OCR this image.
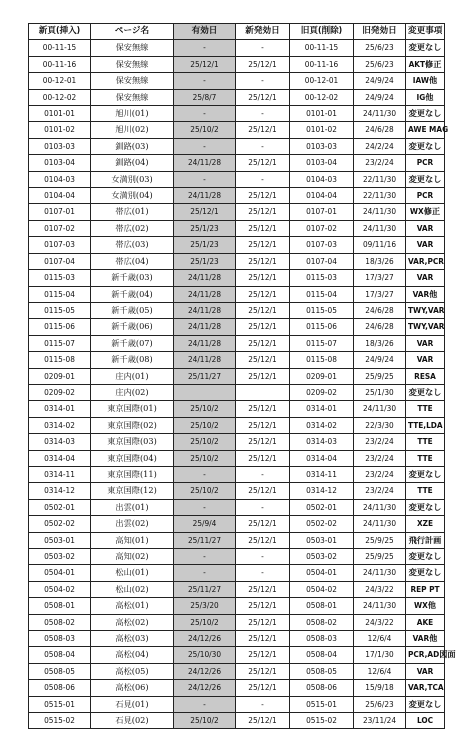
新頁(挿入)	ページ名	有効日	新発効日	旧頁(削除)	旧発効日	変更事項
00-11-15	保安無線	-	-	00-11-15	25/6/23	変更なし
00-11-16	保安無線	25/12/1	25/12/1	00-11-16	25/6/23	AKT修正
00-12-01	保安無線	-	-	00-12-01	24/9/24	IAW他
00-12-02	保安無線	25/8/7	25/12/1	00-12-02	24/9/24	IG他
0101-01	旭川(01)	-	-	0101-01	24/11/30	変更なし
0101-02	旭川(02)	25/10/2	25/12/1	0101-02	24/6/28	AWE MAG
0103-03	釧路(03)	-	-	0103-03	24/2/24	変更なし
0103-04	釧路(04)	24/11/28	25/12/1	0103-04	23/2/24	PCR
0104-03	女満別(03)	-	-	0104-03	22/11/30	変更なし
0104-04	女満別(04)	24/11/28	25/12/1	0104-04	22/11/30	PCR
0107-01	帯広(01)	25/12/1	25/12/1	0107-01	24/11/30	WX修正
0107-02	帯広(02)	25/1/23	25/12/1	0107-02	24/11/30	VAR
0107-03	帯広(03)	25/1/23	25/12/1	0107-03	09/11/16	VAR
0107-04	帯広(04)	25/1/23	25/12/1	0107-04	18/3/26	VAR,PCR
0115-03	新千歳(03)	24/11/28	25/12/1	0115-03	17/3/27	VAR
0115-04	新千歳(04)	24/11/28	25/12/1	0115-04	17/3/27	VAR他
0115-05	新千歳(05)	24/11/28	25/12/1	0115-05	24/6/28	TWY,VAR
0115-06	新千歳(06)	24/11/28	25/12/1	0115-06	24/6/28	TWY,VAR
0115-07	新千歳(07)	24/11/28	25/12/1	0115-07	18/3/26	VAR
0115-08	新千歳(08)	24/11/28	25/12/1	0115-08	24/9/24	VAR
0209-01	庄内(01)	25/11/27	25/12/1	0209-01	25/9/25	RESA
0209-02	庄内(02)			0209-02	25/1/30	変更なし
0314-01	東京国際(01)	25/10/2	25/12/1	0314-01	24/11/30	TTE
0314-02	東京国際(02)	25/10/2	25/12/1	0314-02	22/3/30	TTE,LDA
0314-03	東京国際(03)	25/10/2	25/12/1	0314-03	23/2/24	TTE
0314-04	東京国際(04)	25/10/2	25/12/1	0314-04	23/2/24	TTE
0314-11	東京国際(11)	-	-	0314-11	23/2/24	変更なし
0314-12	東京国際(12)	25/10/2	25/12/1	0314-12	23/2/24	TTE
0502-01	出雲(01)	-	-	0502-01	24/11/30	変更なし
0502-02	出雲(02)	25/9/4	25/12/1	0502-02	24/11/30	XZE
0503-01	高知(01)	25/11/27	25/12/1	0503-01	25/9/25	飛行計画
0503-02	高知(02)	-	-	0503-02	25/9/25	変更なし
0504-01	松山(01)	-	-	0504-01	24/11/30	変更なし
0504-02	松山(02)	25/11/27	25/12/1	0504-02	24/3/22	REP PT
0508-01	高松(01)	25/3/20	25/12/1	0508-01	24/11/30	WX他
0508-02	高松(02)	25/10/2	25/12/1	0508-02	24/3/22	AKE
0508-03	高松(03)	24/12/26	25/12/1	0508-03	12/6/4	VAR他
0508-04	高松(04)	25/10/30	25/12/1	0508-04	17/1/30	PCR,AD図面
0508-05	高松(05)	24/12/26	25/12/1	0508-05	12/6/4	VAR
0508-06	高松(06)	24/12/26	25/12/1	0508-06	15/9/18	VAR,TCA
0515-01	石見(01)	-	-	0515-01	25/6/23	変更なし
0515-02	石見(02)	25/10/2	25/12/1	0515-02	23/11/24	LOC
